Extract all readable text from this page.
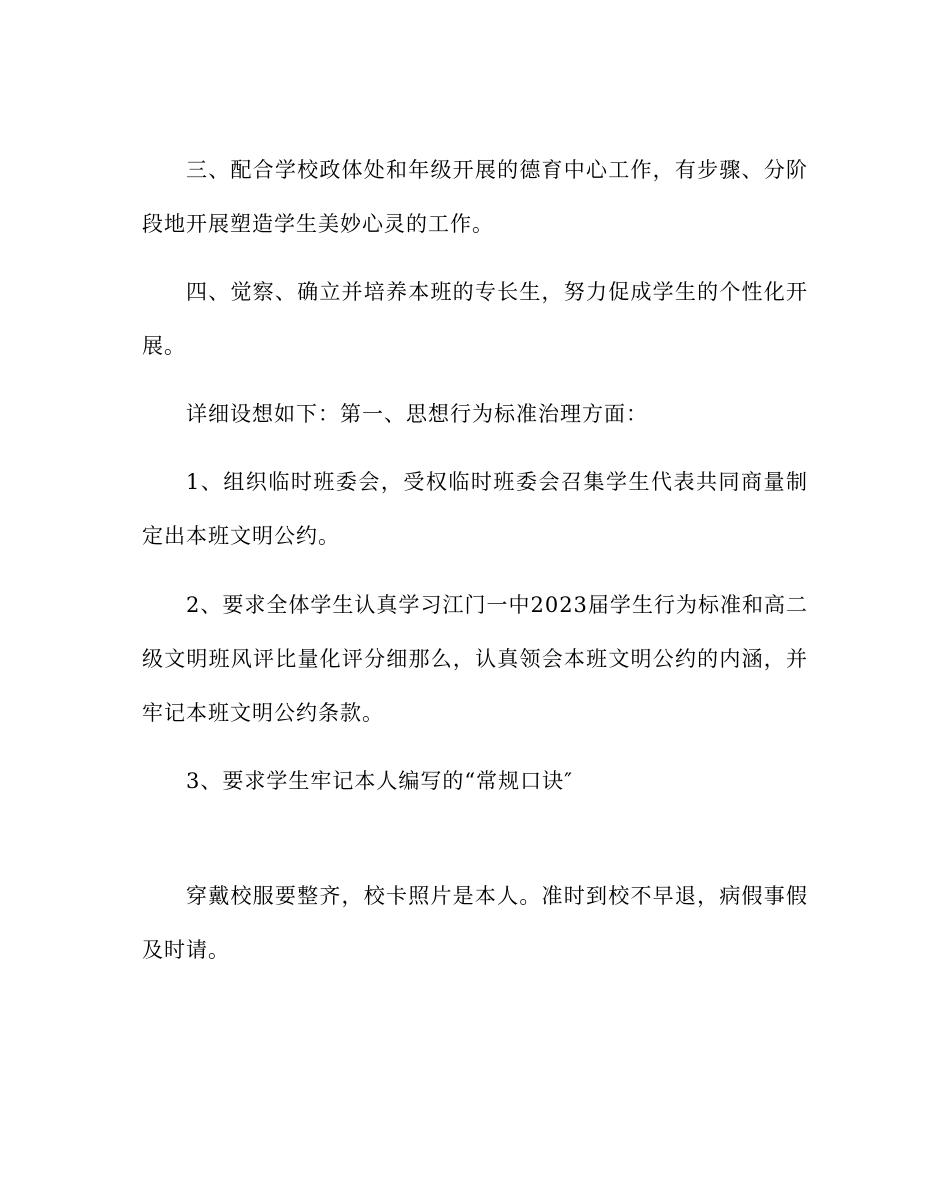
三、配合学校政体处和年级开展的德育中心工作，有步骤、分阶段地开展塑造学生美妙心灵的工作。

四、觉察、确立并培养本班的专长生，努力促成学生的个性化开展。

详细设想如下：第一、思想行为标准治理方面：

1、组织临时班委会，受权临时班委会召集学生代表共同商量制定出本班文明公约。

2、要求全体学生认真学习江门一中2023届学生行为标准和高二级文明班风评比量化评分细那么，认真领会本班文明公约的内涵，并牢记本班文明公约条款。

3、要求学生牢记本人编写的“常规口诀″

穿戴校服要整齐，校卡照片是本人。准时到校不早退，病假事假及时请。
